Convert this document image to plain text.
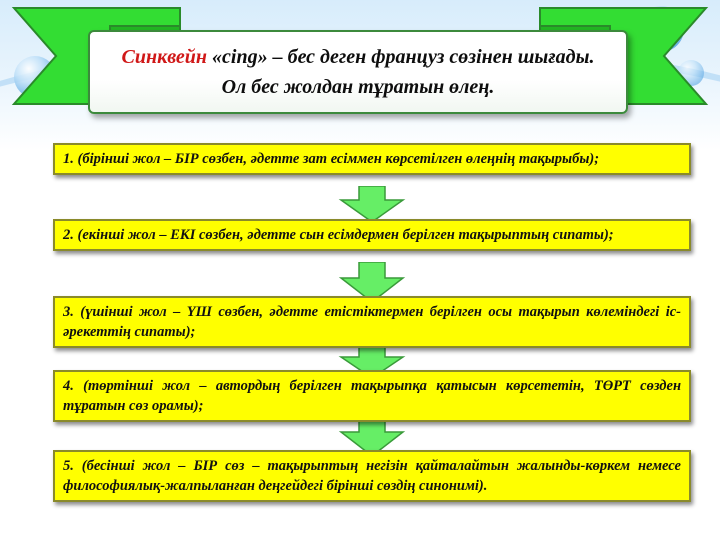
Синквейн «cing» – бес деген француз сөзінен шығады. Ол бес жолдан тұратын өлең.
1. (бірінші жол – БІР сөзбен, әдетте зат есіммен көрсетілген өлеңнің тақырыбы);
2. (екінші жол – ЕКІ сөзбен, әдетте сын есімдермен берілген тақырыптың сипаты);
3. (үшінші жол – ҮШ сөзбен, әдетте етістіктермен берілген осы тақырып көлеміндегі іс-әрекеттің сипаты);
4. (төртінші жол – автордың берілген тақырыпқа қатысын көрсететін, ТӨРТ сөзден тұратын сөз орамы);
5. (бесінші жол – БІР сөз – тақырыптың негізін қайталайтын жалынды-көркем немесе философиялық-жалпыланған деңгейдегі бірінші сөздің синонимі).
